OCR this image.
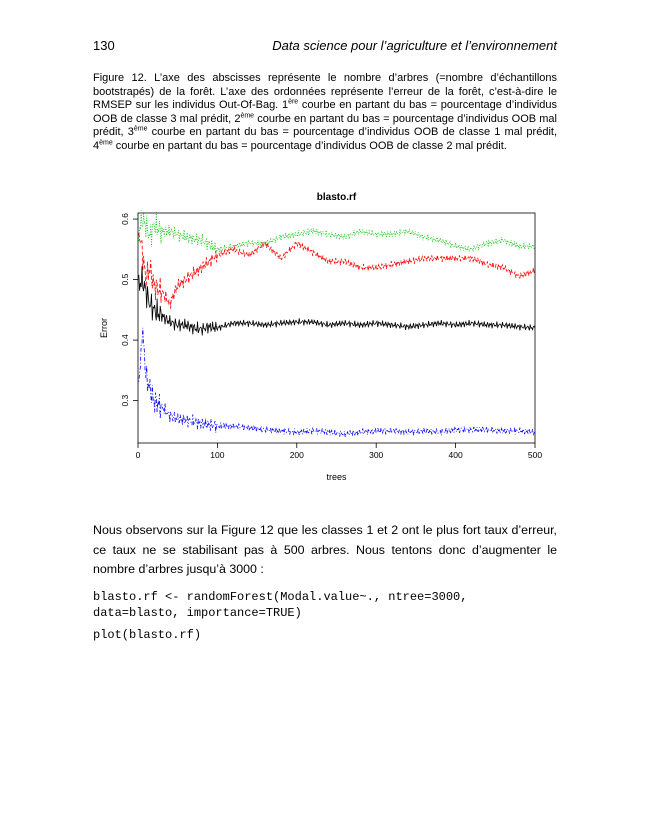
130	Data science pour l’agriculture et l’environnement
Figure 12. L’axe des abscisses représente le nombre d’arbres (=nombre d’échantillons bootstrapés) de la forêt. L’axe des ordonnées représente l’erreur de la forêt, c’est-à-dire le RMSEP sur les individus Out-Of-Bag. 1ère courbe en partant du bas = pourcentage d’individus OOB de classe 3 mal prédit, 2ème courbe en partant du bas = pourcentage d’individus OOB mal prédit, 3ème courbe en partant du bas = pourcentage d’individus OOB de classe 1 mal prédit, 4ème courbe en partant du bas = pourcentage d’individus OOB de classe 2 mal prédit.
blasto.rf
trees
Error
0	100	200	300	400	500
0.3
0.4
0.5
0.6
Nous observons sur la Figure 12 que les classes 1 et 2 ont le plus fort taux d’erreur, ce taux ne se stabilisant pas à 500 arbres. Nous tentons donc d’augmenter le nombre d’arbres jusqu’à 3000 :
blasto.rf <- randomForest(Modal.value~., ntree=3000,
data=blasto, importance=TRUE)
plot(blasto.rf)
